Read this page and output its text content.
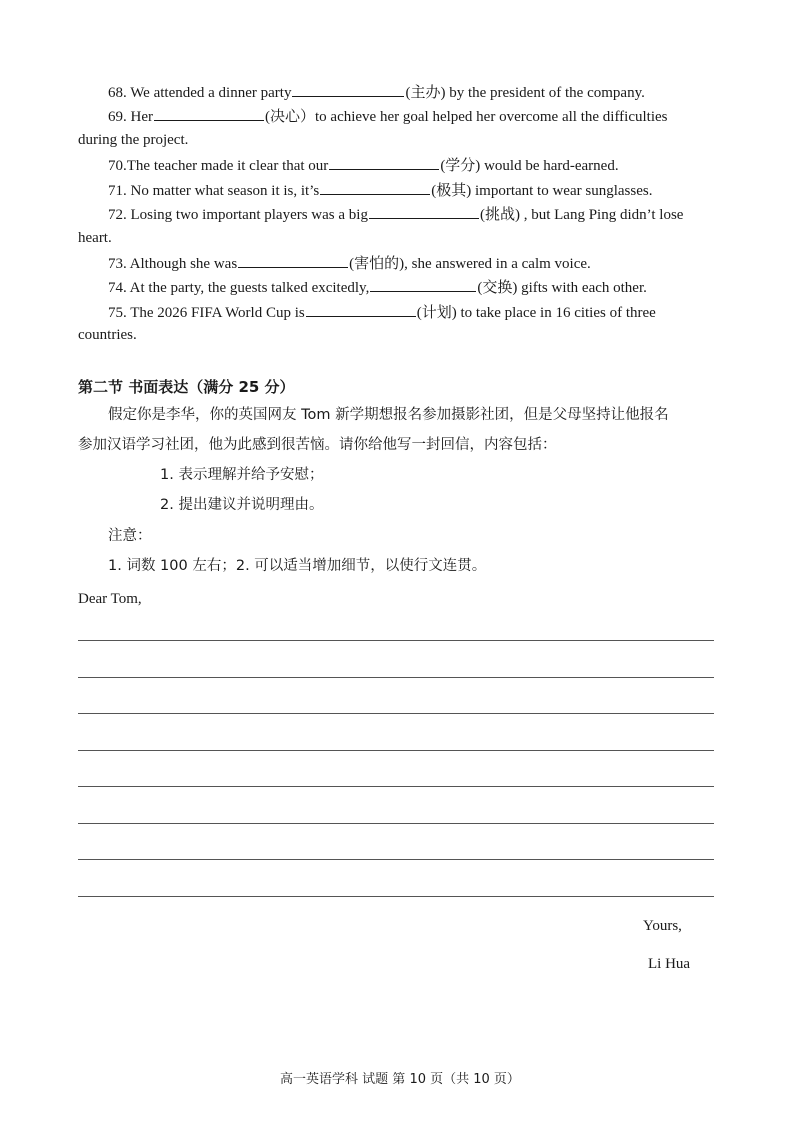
68. We attended a dinner party	(主办) by the president of the company.
69. Her	(决心）to achieve her goal helped her overcome all the difficulties
during the project.
70.The teacher made it clear that our	(学分) would be hard-earned.
71. No matter what season it is, it’s	(极其) important to wear sunglasses.
72. Losing two important players was a big	(挑战) , but Lang Ping didn’t lose
heart.
73. Although she was	(害怕的), she answered in a calm voice.
74. At the party, the guests talked excitedly,	(交换) gifts with each other.
75. The 2026 FIFA World Cup is	(计划) to take place in 16 cities of three
countries.
第二节 书面表达（满分 25 分）
假定你是李华，你的英国网友 Tom 新学期想报名参加摄影社团，但是父母坚持让他报名
参加汉语学习社团，他为此感到很苦恼。请你给他写一封回信，内容包括：
1. 表示理解并给予安慰；
2. 提出建议并说明理由。
注意：
1. 词数 100 左右；2. 可以适当增加细节，以使行文连贯。
Dear Tom,
Yours,
Li Hua
高一英语学科 试题 第 10 页（共 10 页）
